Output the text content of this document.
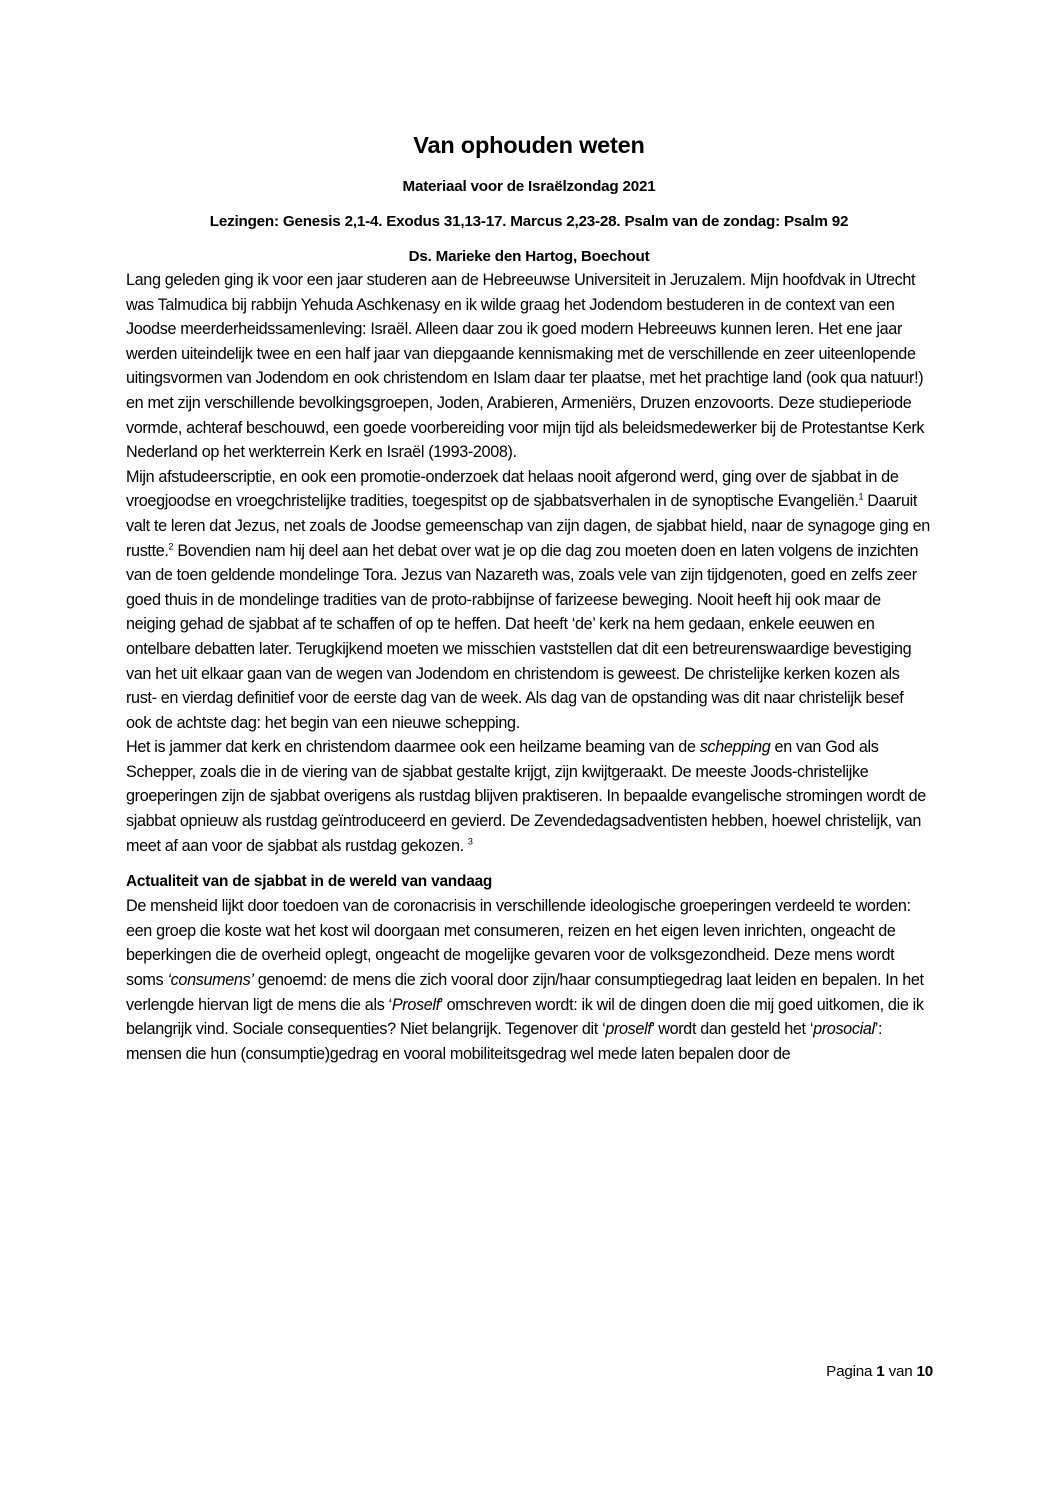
Van ophouden weten

Materiaal voor de Israëlzondag 2021

Lezingen: Genesis 2,1-4. Exodus 31,13-17. Marcus 2,23-28. Psalm van de zondag: Psalm 92

Ds. Marieke den Hartog, Boechout

Lang geleden ging ik voor een jaar studeren aan de Hebreeuwse Universiteit in Jeruzalem. Mijn hoofdvak in Utrecht was Talmudica bij rabbijn Yehuda Aschkenasy en ik wilde graag het Jodendom bestuderen in de context van een Joodse meerderheidssamenleving: Israël. Alleen daar zou ik goed modern Hebreeuws kunnen leren. Het ene jaar werden uiteindelijk twee en een half jaar van diepgaande kennismaking met de verschillende en zeer uiteenlopende uitingsvormen van Jodendom en ook christendom en Islam daar ter plaatse, met het prachtige land (ook qua natuur!) en met zijn verschillende bevolkingsgroepen, Joden, Arabieren, Armeniërs, Druzen enzovoorts. Deze studieperiode vormde, achteraf beschouwd, een goede voorbereiding voor mijn tijd als beleidsmedewerker bij de Protestantse Kerk Nederland op het werkterrein Kerk en Israël (1993-2008).

Mijn afstudeerscriptie, en ook een promotie-onderzoek dat helaas nooit afgerond werd, ging over de sjabbat in de vroegjoodse en vroegchristelijke tradities, toegespitst op de sjabbatsverhalen in de synoptische Evangeliën.$^1$ Daaruit valt te leren dat Jezus, net zoals de Joodse gemeenschap van zijn dagen, de sjabbat hield, naar de synagoge ging en rustte.$^2$ Bovendien nam hij deel aan het debat over wat je op die dag zou moeten doen en laten volgens de inzichten van de toen geldende mondelinge Tora. Jezus van Nazareth was, zoals vele van zijn tijdgenoten, goed en zelfs zeer goed thuis in de mondelinge tradities van de proto-rabbijnse of farizeese beweging. Nooit heeft hij ook maar de neiging gehad de sjabbat af te schaffen of op te heffen. Dat heeft ‘de’ kerk na hem gedaan, enkele eeuwen en ontelbare debatten later. Terugkijkend moeten we misschien vaststellen dat dit een betreurenswaardige bevestiging van het uit elkaar gaan van de wegen van Jodendom en christendom is geweest. De christelijke kerken kozen als rust- en vierdag definitief voor de eerste dag van de week. Als dag van de opstanding was dit naar christelijk besef ook de achtste dag: het begin van een nieuwe schepping.

Het is jammer dat kerk en christendom daarmee ook een heilzame beaming van de schepping en van God als Schepper, zoals die in de viering van de sjabbat gestalte krijgt, zijn kwijtgeraakt. De meeste Joods-christelijke groeperingen zijn de sjabbat overigens als rustdag blijven praktiseren. In bepaalde evangelische stromingen wordt de sjabbat opnieuw als rustdag geïntroduceerd en gevierd. De Zevendedagsadventisten hebben, hoewel christelijk, van meet af aan voor de sjabbat als rustdag gekozen. $^3$

Actualiteit van de sjabbat in de wereld van vandaag

De mensheid lijkt door toedoen van de coronacrisis in verschillende ideologische groeperingen verdeeld te worden: een groep die koste wat het kost wil doorgaan met consumeren, reizen en het eigen leven inrichten, ongeacht de beperkingen die de overheid oplegt, ongeacht de mogelijke gevaren voor de volksgezondheid. Deze mens wordt soms ‘consumens’ genoemd: de mens die zich vooral door zijn/haar consumptiegedrag laat leiden en bepalen. In het verlengde hiervan ligt de mens die als ‘Proself’ omschreven wordt: ik wil de dingen doen die mij goed uitkomen, die ik belangrijk vind. Sociale consequenties? Niet belangrijk. Tegenover dit ‘proself’ wordt dan gesteld het ‘prosocial’: mensen die hun (consumptie)gedrag en vooral mobiliteitsgedrag wel mede laten bepalen door de

Pagina 1 van 10
